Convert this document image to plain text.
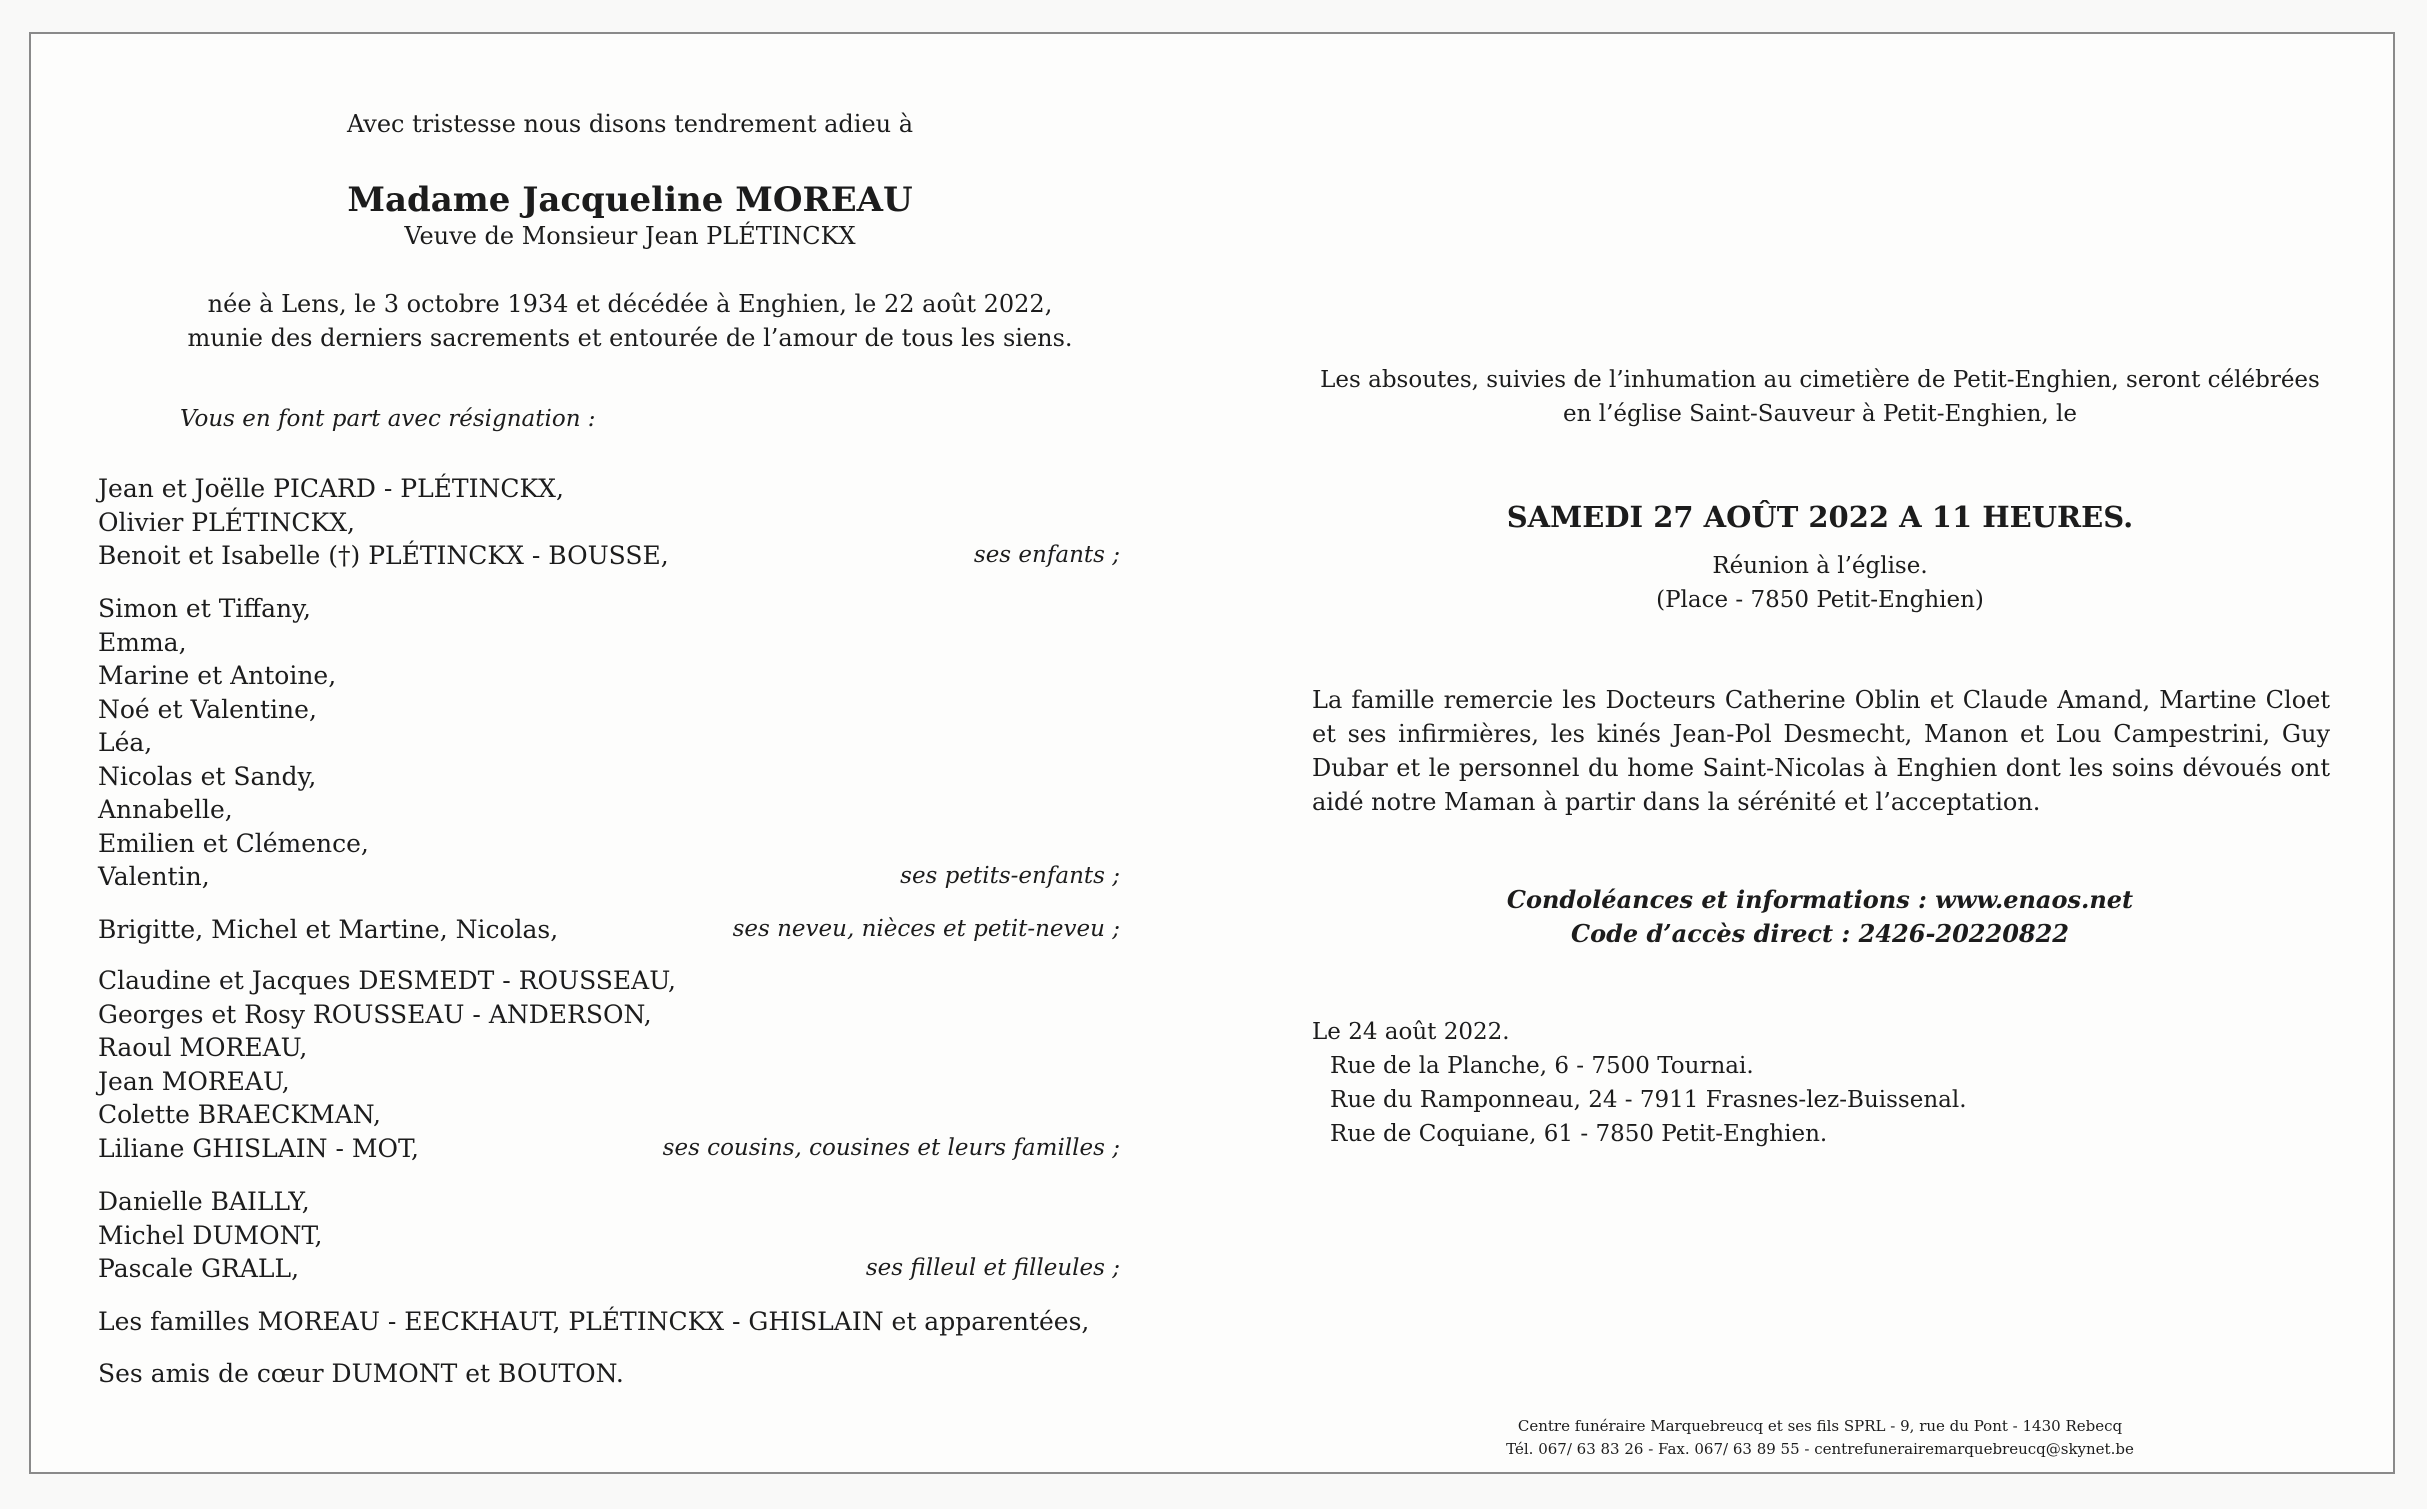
Avec tristesse nous disons tendrement adieu à
Madame Jacqueline MOREAU
Veuve de Monsieur Jean PLÉTINCKX
née à Lens, le 3 octobre 1934 et décédée à Enghien, le 22 août 2022,
munie des derniers sacrements et entourée de l’amour de tous les siens.
Vous en font part avec résignation :
Jean et Joëlle PICARD - PLÉTINCKX,
Olivier PLÉTINCKX,
Benoit et Isabelle (†) PLÉTINCKX - BOUSSE,	ses enfants ;
Simon et Tiffany,
Emma,
Marine et Antoine,
Noé et Valentine,
Léa,
Nicolas et Sandy,
Annabelle,
Emilien et Clémence,
Valentin,	ses petits-enfants ;
Brigitte, Michel et Martine, Nicolas,	ses neveu, nièces et petit-neveu ;
Claudine et Jacques DESMEDT - ROUSSEAU,
Georges et Rosy ROUSSEAU - ANDERSON,
Raoul MOREAU,
Jean MOREAU,
Colette BRAECKMAN,
Liliane GHISLAIN - MOT,	ses cousins, cousines et leurs familles ;
Danielle BAILLY,
Michel DUMONT,
Pascale GRALL,	ses filleul et filleules ;
Les familles MOREAU - EECKHAUT, PLÉTINCKX - GHISLAIN et apparentées,
Ses amis de cœur DUMONT et BOUTON.
Les absoutes, suivies de l’inhumation au cimetière de Petit-Enghien, seront célébrées
en l’église Saint-Sauveur à Petit-Enghien, le
SAMEDI 27 AOÛT 2022 A 11 HEURES.
Réunion à l’église.
(Place - 7850 Petit-Enghien)
La famille remercie les Docteurs Catherine Oblin et Claude Amand, Martine Cloet et ses infirmières, les kinés Jean-Pol Desmecht, Manon et Lou Campestrini, Guy Dubar et le personnel du home Saint-Nicolas à Enghien dont les soins dévoués ont aidé notre Maman à partir dans la sérénité et l’acceptation.
Condoléances et informations : www.enaos.net
Code d’accès direct : 2426-20220822
Le 24 août 2022.
Rue de la Planche, 6 - 7500 Tournai.
Rue du Ramponneau, 24 - 7911 Frasnes-lez-Buissenal.
Rue de Coquiane, 61 - 7850 Petit-Enghien.
Centre funéraire Marquebreucq et ses fils SPRL - 9, rue du Pont - 1430 Rebecq
Tél. 067/ 63 83 26 - Fax. 067/ 63 89 55 - centrefunerairemarquebreucq@skynet.be
